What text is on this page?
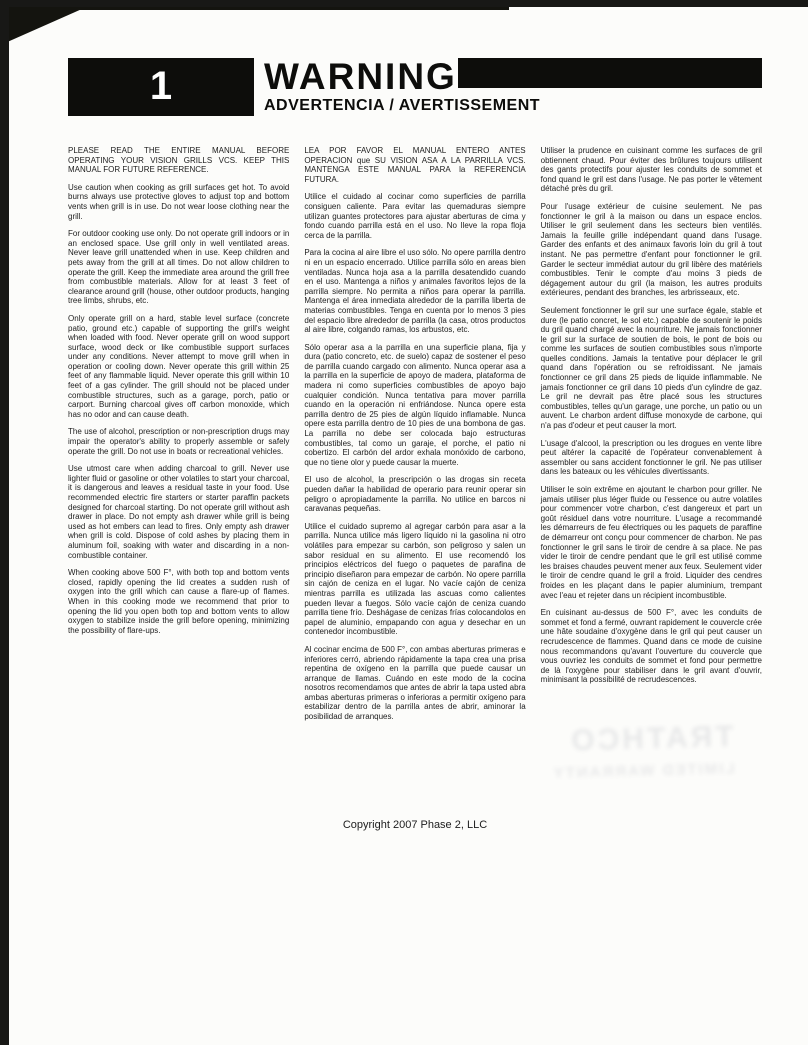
1	WARNING
ADVERTENCIA / AVERTISSEMENT

PLEASE READ THE ENTIRE MANUAL BEFORE OPERATING YOUR VISION GRILLS VCS. KEEP THIS MANUAL FOR FUTURE REFERENCE.

Use caution when cooking as grill surfaces get hot. To avoid burns always use protective gloves to adjust top and bottom vents when grill is in use. Do not wear loose clothing near the grill.

For outdoor cooking use only. Do not operate grill indoors or in an enclosed space. Use grill only in well ventilated areas. Never leave grill unattended when in use. Keep children and pets away from the grill at all times. Do not allow children to operate the grill. Keep the immediate area around the grill free from combustible materials. Allow for at least 3 feet of clearance around grill (house, other outdoor products, hanging tree limbs, shrubs, etc.

Only operate grill on a hard, stable level surface (concrete patio, ground etc.) capable of supporting the grill's weight when loaded with food. Never operate grill on wood support surface, wood deck or like combustible support surfaces under any conditions. Never attempt to move grill when in operation or cooling down. Never operate this grill within 25 feet of any flammable liquid. Never operate this grill within 10 feet of a gas cylinder. The grill should not be placed under combustible structures, such as a garage, porch, patio or carport. Burning charcoal gives off carbon monoxide, which has no odor and can cause death.

The use of alcohol, prescription or non-prescription drugs may impair the operator's ability to properly assemble or safely operate the grill. Do not use in boats or recreational vehicles.

Use utmost care when adding charcoal to grill. Never use lighter fluid or gasoline or other volatiles to start your charcoal, it is dangerous and leaves a residual taste in your food. Use recommended electric fire starters or starter paraffin packets designed for charcoal starting. Do not operate grill without ash drawer in place. Do not empty ash drawer while grill is being used as hot embers can lead to fires. Only empty ash drawer when grill is cold. Dispose of cold ashes by placing them in aluminum foil, soaking with water and discarding in a non-combustible container.

When cooking above 500 F°, with both top and bottom vents closed, rapidly opening the lid creates a sudden rush of oxygen into the grill which can cause a flare-up of flames. When in this cooking mode we recommend that prior to opening the lid you open both top and bottom vents to allow oxygen to stabilize inside the grill before opening, minimizing the possibility of flare-ups.

LEA POR FAVOR EL MANUAL ENTERO ANTES OPERACION que SU VISION ASA A LA PARRILLA VCS. MANTENGA ESTE MANUAL PARA la REFERENCIA FUTURA.

Utilice el cuidado al cocinar como superficies de parrilla consiguen caliente. Para evitar las quemaduras siempre utilizan guantes protectores para ajustar aberturas de cima y fondo cuando parrilla está en el uso. No lleve la ropa floja cerca de la parrilla.

Para la cocina al aire libre el uso sólo. No opere parrilla dentro ni en un espacio encerrado. Utilice parrilla sólo en areas bien ventiladas. Nunca hoja asa a la parrilla desatendido cuando en el uso. Mantenga a niños y animales favoritos lejos de la parrilla siempre. No permita a niños para operar la parrilla. Mantenga el área inmediata alrededor de la parrilla liberta de materias combustibles. Tenga en cuenta por lo menos 3 pies del espacio libre alrededor de parrilla (la casa, otros productos al aire libre, colgando ramas, los arbustos, etc.

Sólo operar asa a la parrilla en una superficie plana, fija y dura (patio concreto, etc. de suelo) capaz de sostener el peso de parrilla cuando cargado con alimento. Nunca operar asa a la parrilla en la superficie de apoyo de madera, plataforma de madera ni como superficies combustibles de apoyo bajo cualquier condición. Nunca tentativa para mover parrilla cuando en la operación ni enfriándose. Nunca opere esta parrilla dentro de 25 pies de algún líquido inflamable. Nunca opere esta parrilla dentro de 10 pies de una bombona de gas. La parrilla no debe ser colocada bajo estructuras combustibles, tal como un garaje, el porche, el patio ni cobertizo. El carbón del ardor exhala monóxido de carbono, que no tiene olor y puede causar la muerte.

El uso de alcohol, la prescripción o las drogas sin receta pueden dañar la habilidad de operario para reunir operar sin peligro o apropiadamente la parrilla. No utilice en barcos ni caravanas pequeñas.

Utilice el cuidado supremo al agregar carbón para asar a la parrilla. Nunca utilice más ligero líquido ni la gasolina ni otro volátiles para empezar su carbón, son peligroso y salen un sabor residual en su alimento. El use recomendó los principios eléctricos del fuego o paquetes de parafina de principio diseñaron para empezar de carbón. No opere parrilla sin cajón de ceniza en el lugar. No vacíe cajón de ceniza mientras parrilla es utilizada las ascuas como calientes pueden llevar a fuegos. Sólo vacíe cajón de ceniza cuando parrilla tiene frío. Deshágase de cenizas frías colocandolos en papel de aluminio, empapando con agua y desechar en un contenedor incombustible.

Al cocinar encima de 500 F°, con ambas aberturas primeras e inferiores cerró, abriendo rápidamente la tapa crea una prisa repentina de oxígeno en la parrilla que puede causar un arranque de llamas. Cuándo en este modo de la cocina nosotros recomendamos que antes de abrir la tapa usted abra ambas aberturas primeras o inferioras a permitir oxígeno para estabilizar dentro de la parrilla antes de abrir, aminorar la posibilidad de arranques.

Utiliser la prudence en cuisinant comme les surfaces de gril obtiennent chaud. Pour éviter des brûlures toujours utilisent des gants protectifs pour ajuster les conduits de sommet et fond quand le gril est dans l'usage. Ne pas porter le vêtement détaché près du gril.

Pour l'usage extérieur de cuisine seulement. Ne pas fonctionner le gril à la maison ou dans un espace enclos. Utiliser le gril seulement dans les secteurs bien ventilés. Jamais la feuille grille indépendant quand dans l'usage. Garder des enfants et des animaux favoris loin du gril à tout instant. Ne pas permettre d'enfant pour fonctionner le gril. Garder le secteur immédiat autour du gril libère des matériels combustibles. Tenir le compte d'au moins 3 pieds de dégagement autour du gril (la maison, les autres produits extérieures, pendant des branches, les arbrisseaux, etc.

Seulement fonctionner le gril sur une surface égale, stable et dure (le patio concret, le sol etc.) capable de soutenir le poids du gril quand chargé avec la nourriture. Ne jamais fonctionner le gril sur la surface de soutien de bois, le pont de bois ou comme les surfaces de soutien combustibles sous n'importe quelles conditions. Jamais la tentative pour déplacer le gril quand dans l'opération ou se refroidissant. Ne jamais fonctionner ce gril dans 25 pieds de liquide inflammable. Ne jamais fonctionner ce gril dans 10 pieds d'un cylindre de gaz. Le gril ne devrait pas être placé sous les structures combustibles, telles qu'un garage, une porche, un patio ou un auvent. Le charbon ardent diffuse monoxyde de carbone, qui n'a pas d'odeur et peut causer la mort.

L'usage d'alcool, la prescription ou les drogues en vente libre peut altérer la capacité de l'opérateur convenablement à assembler ou sans accident fonctionner le gril. Ne pas utiliser dans les bateaux ou les véhicules divertissants.

Utiliser le soin extrême en ajoutant le charbon pour griller. Ne jamais utiliser plus léger fluide ou l'essence ou autre volatiles pour commencer votre charbon, c'est dangereux et part un goût résiduel dans votre nourriture. L'usage a recommandé les démarreurs de feu électriques ou les paquets de paraffine de démarreur ont conçu pour commencer de charbon. Ne pas fonctionner le gril sans le tiroir de cendre à sa place. Ne pas vider le tiroir de cendre pendant que le gril est utilisé comme les braises chaudes peuvent mener aux feux. Seulement vider le tiroir de cendre quand le gril a froid. Liquider des cendres froides en les plaçant dans le papier aluminium, trempant avec l'eau et rejeter dans un récipient incombustible.

En cuisinant au-dessus de 500 F°, avec les conduits de sommet et fond a fermé, ouvrant rapidement le couvercle crée une hâte soudaine d'oxygène dans le gril qui peut causer un recrudescence de flammes. Quand dans ce mode de cuisine nous recommandons qu'avant l'ouverture du couvercle que vous ouvriez les conduits de sommet et fond pour permettre de là l'oxygène pour stabiliser dans le gril avant d'ouvrir, minimisant la possibilité de recrudescences.

Copyright 2007 Phase 2, LLC
TRATHCO
LIMITED WARRANTY
